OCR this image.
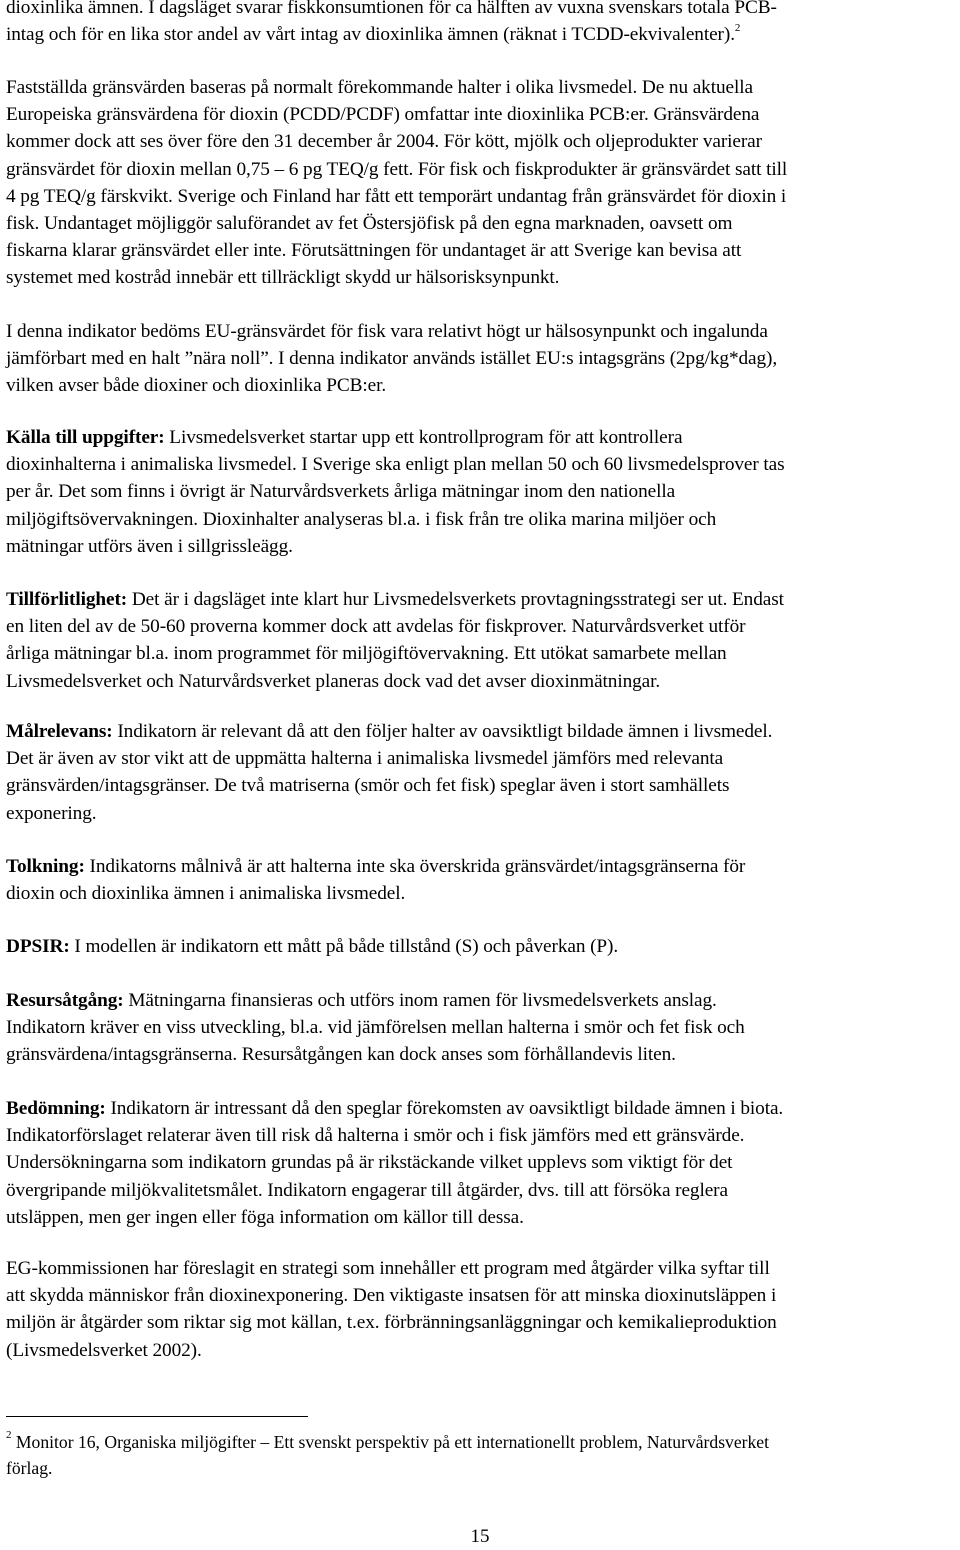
dioxinlika ämnen. I dagsläget svarar fiskkonsumtionen för ca hälften av vuxna svenskars totala PCB-
intag och för en lika stor andel av vårt intag av dioxinlika ämnen (räknat i TCDD-ekvivalenter).$^2$

Fastställda gränsvärden baseras på normalt förekommande halter i olika livsmedel. De nu aktuella
Europeiska gränsvärdena för dioxin (PCDD/PCDF) omfattar inte dioxinlika PCB:er. Gränsvärdena
kommer dock att ses över före den 31 december år 2004. För kött, mjölk och oljeprodukter varierar
gränsvärdet för dioxin mellan 0,75 – 6 pg TEQ/g fett. För fisk och fiskprodukter är gränsvärdet satt till
4 pg TEQ/g färskvikt. Sverige och Finland har fått ett temporärt undantag från gränsvärdet för dioxin i
fisk. Undantaget möjliggör saluförandet av fet Östersjöfisk på den egna marknaden, oavsett om
fiskarna klarar gränsvärdet eller inte. Förutsättningen för undantaget är att Sverige kan bevisa att
systemet med kostråd innebär ett tillräckligt skydd ur hälsorisksynpunkt.

I denna indikator bedöms EU-gränsvärdet för fisk vara relativt högt ur hälsosynpunkt och ingalunda
jämförbart med en halt ”nära noll”. I denna indikator används istället EU:s intagsgräns (2pg/kg*dag),
vilken avser både dioxiner och dioxinlika PCB:er.

Källa till uppgifter: Livsmedelsverket startar upp ett kontrollprogram för att kontrollera
dioxinhalterna i animaliska livsmedel. I Sverige ska enligt plan mellan 50 och 60 livsmedelsprover tas
per år. Det som finns i övrigt är Naturvårdsverkets årliga mätningar inom den nationella
miljögiftsövervakningen. Dioxinhalter analyseras bl.a. i fisk från tre olika marina miljöer och
mätningar utförs även i sillgrissleägg.

Tillförlitlighet: Det är i dagsläget inte klart hur Livsmedelsverkets provtagningsstrategi ser ut. Endast
en liten del av de 50-60 proverna kommer dock att avdelas för fiskprover. Naturvårdsverket utför
årliga mätningar bl.a. inom programmet för miljögiftövervakning. Ett utökat samarbete mellan
Livsmedelsverket och Naturvårdsverket planeras dock vad det avser dioxinmätningar.

Målrelevans: Indikatorn är relevant då att den följer halter av oavsiktligt bildade ämnen i livsmedel.
Det är även av stor vikt att de uppmätta halterna i animaliska livsmedel jämförs med relevanta
gränsvärden/intagsgränser. De två matriserna (smör och fet fisk) speglar även i stort samhällets
exponering.

Tolkning: Indikatorns målnivå är att halterna inte ska överskrida gränsvärdet/intagsgränserna för
dioxin och dioxinlika ämnen i animaliska livsmedel.

DPSIR: I modellen är indikatorn ett mått på både tillstånd (S) och påverkan (P).

Resursåtgång: Mätningarna finansieras och utförs inom ramen för livsmedelsverkets anslag.
Indikatorn kräver en viss utveckling, bl.a. vid jämförelsen mellan halterna i smör och fet fisk och
gränsvärdena/intagsgränserna. Resursåtgången kan dock anses som förhållandevis liten.

Bedömning: Indikatorn är intressant då den speglar förekomsten av oavsiktligt bildade ämnen i biota.
Indikatorförslaget relaterar även till risk då halterna i smör och i fisk jämförs med ett gränsvärde.
Undersökningarna som indikatorn grundas på är rikstäckande vilket upplevs som viktigt för det
övergripande miljökvalitetsmålet. Indikatorn engagerar till åtgärder, dvs. till att försöka reglera
utsläppen, men ger ingen eller föga information om källor till dessa.

EG-kommissionen har föreslagit en strategi som innehåller ett program med åtgärder vilka syftar till
att skydda människor från dioxinexponering. Den viktigaste insatsen för att minska dioxinutsläppen i
miljön är åtgärder som riktar sig mot källan, t.ex. förbränningsanläggningar och kemikalieproduktion
(Livsmedelsverket 2002).

$^2$ Monitor 16, Organiska miljögifter – Ett svenskt perspektiv på ett internationellt problem, Naturvårdsverket
förlag.

15
